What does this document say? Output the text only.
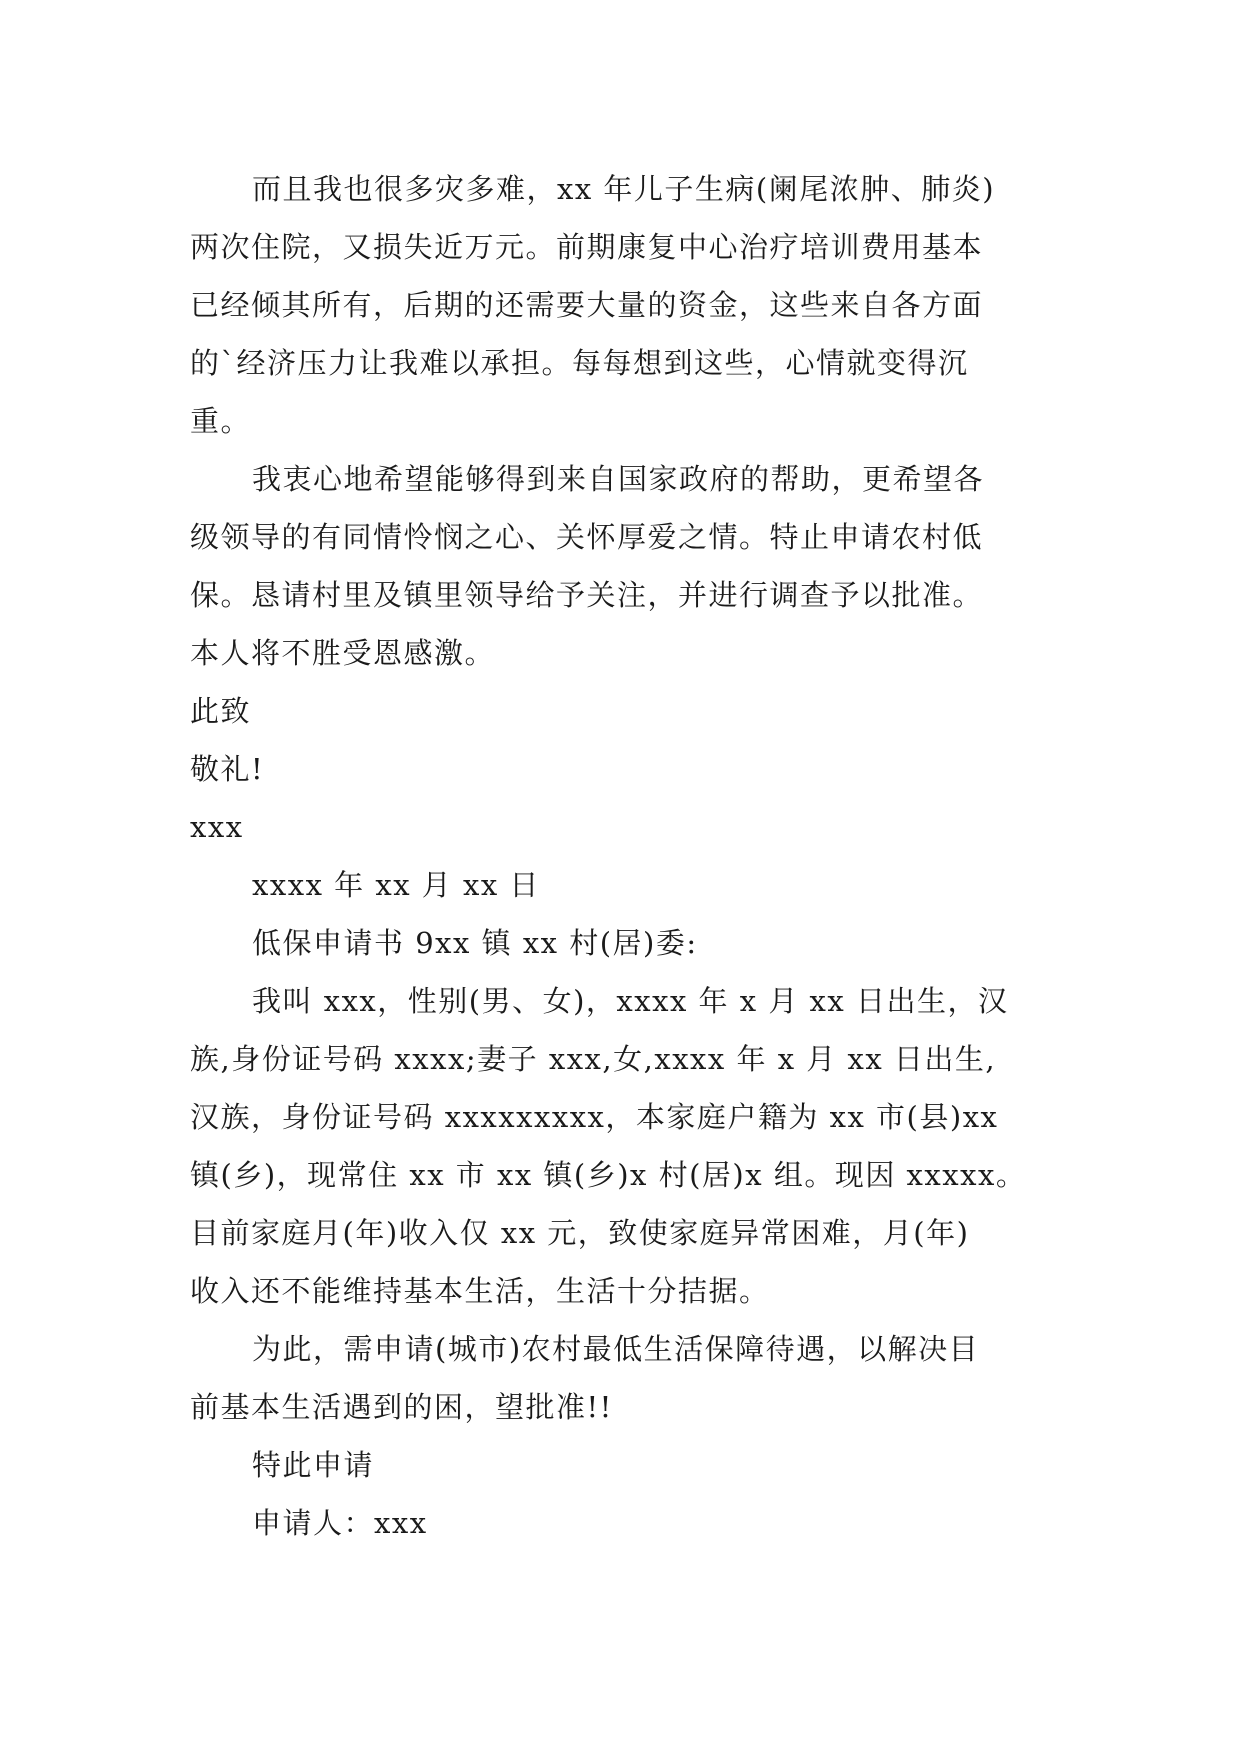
而且我也很多灾多难，xx 年儿子生病(阑尾浓肿、肺炎)
两次住院，又损失近万元。前期康复中心治疗培训费用基本
已经倾其所有，后期的还需要大量的资金，这些来自各方面
的`经济压力让我难以承担。每每想到这些，心情就变得沉
重。
我衷心地希望能够得到来自国家政府的帮助，更希望各
级领导的有同情怜悯之心、关怀厚爱之情。特止申请农村低
保。恳请村里及镇里领导给予关注，并进行调查予以批准。
本人将不胜受恩感激。
此致
敬礼!
xxx
xxxx 年 xx 月 xx 日
低保申请书 9xx 镇 xx 村(居)委:
我叫 xxx，性别(男、女)，xxxx 年 x 月 xx 日出生，汉
族,身份证号码 xxxx;妻子 xxx,女,xxxx 年 x 月 xx 日出生,
汉族，身份证号码 xxxxxxxxx，本家庭户籍为 xx 市(县)xx
镇(乡)，现常住 xx 市 xx 镇(乡)x 村(居)x 组。现因 xxxxx。
目前家庭月(年)收入仅 xx 元，致使家庭异常困难，月(年)
收入还不能维持基本生活，生活十分拮据。
为此，需申请(城市)农村最低生活保障待遇，以解决目
前基本生活遇到的困，望批准!!
特此申请
申请人：xxx
